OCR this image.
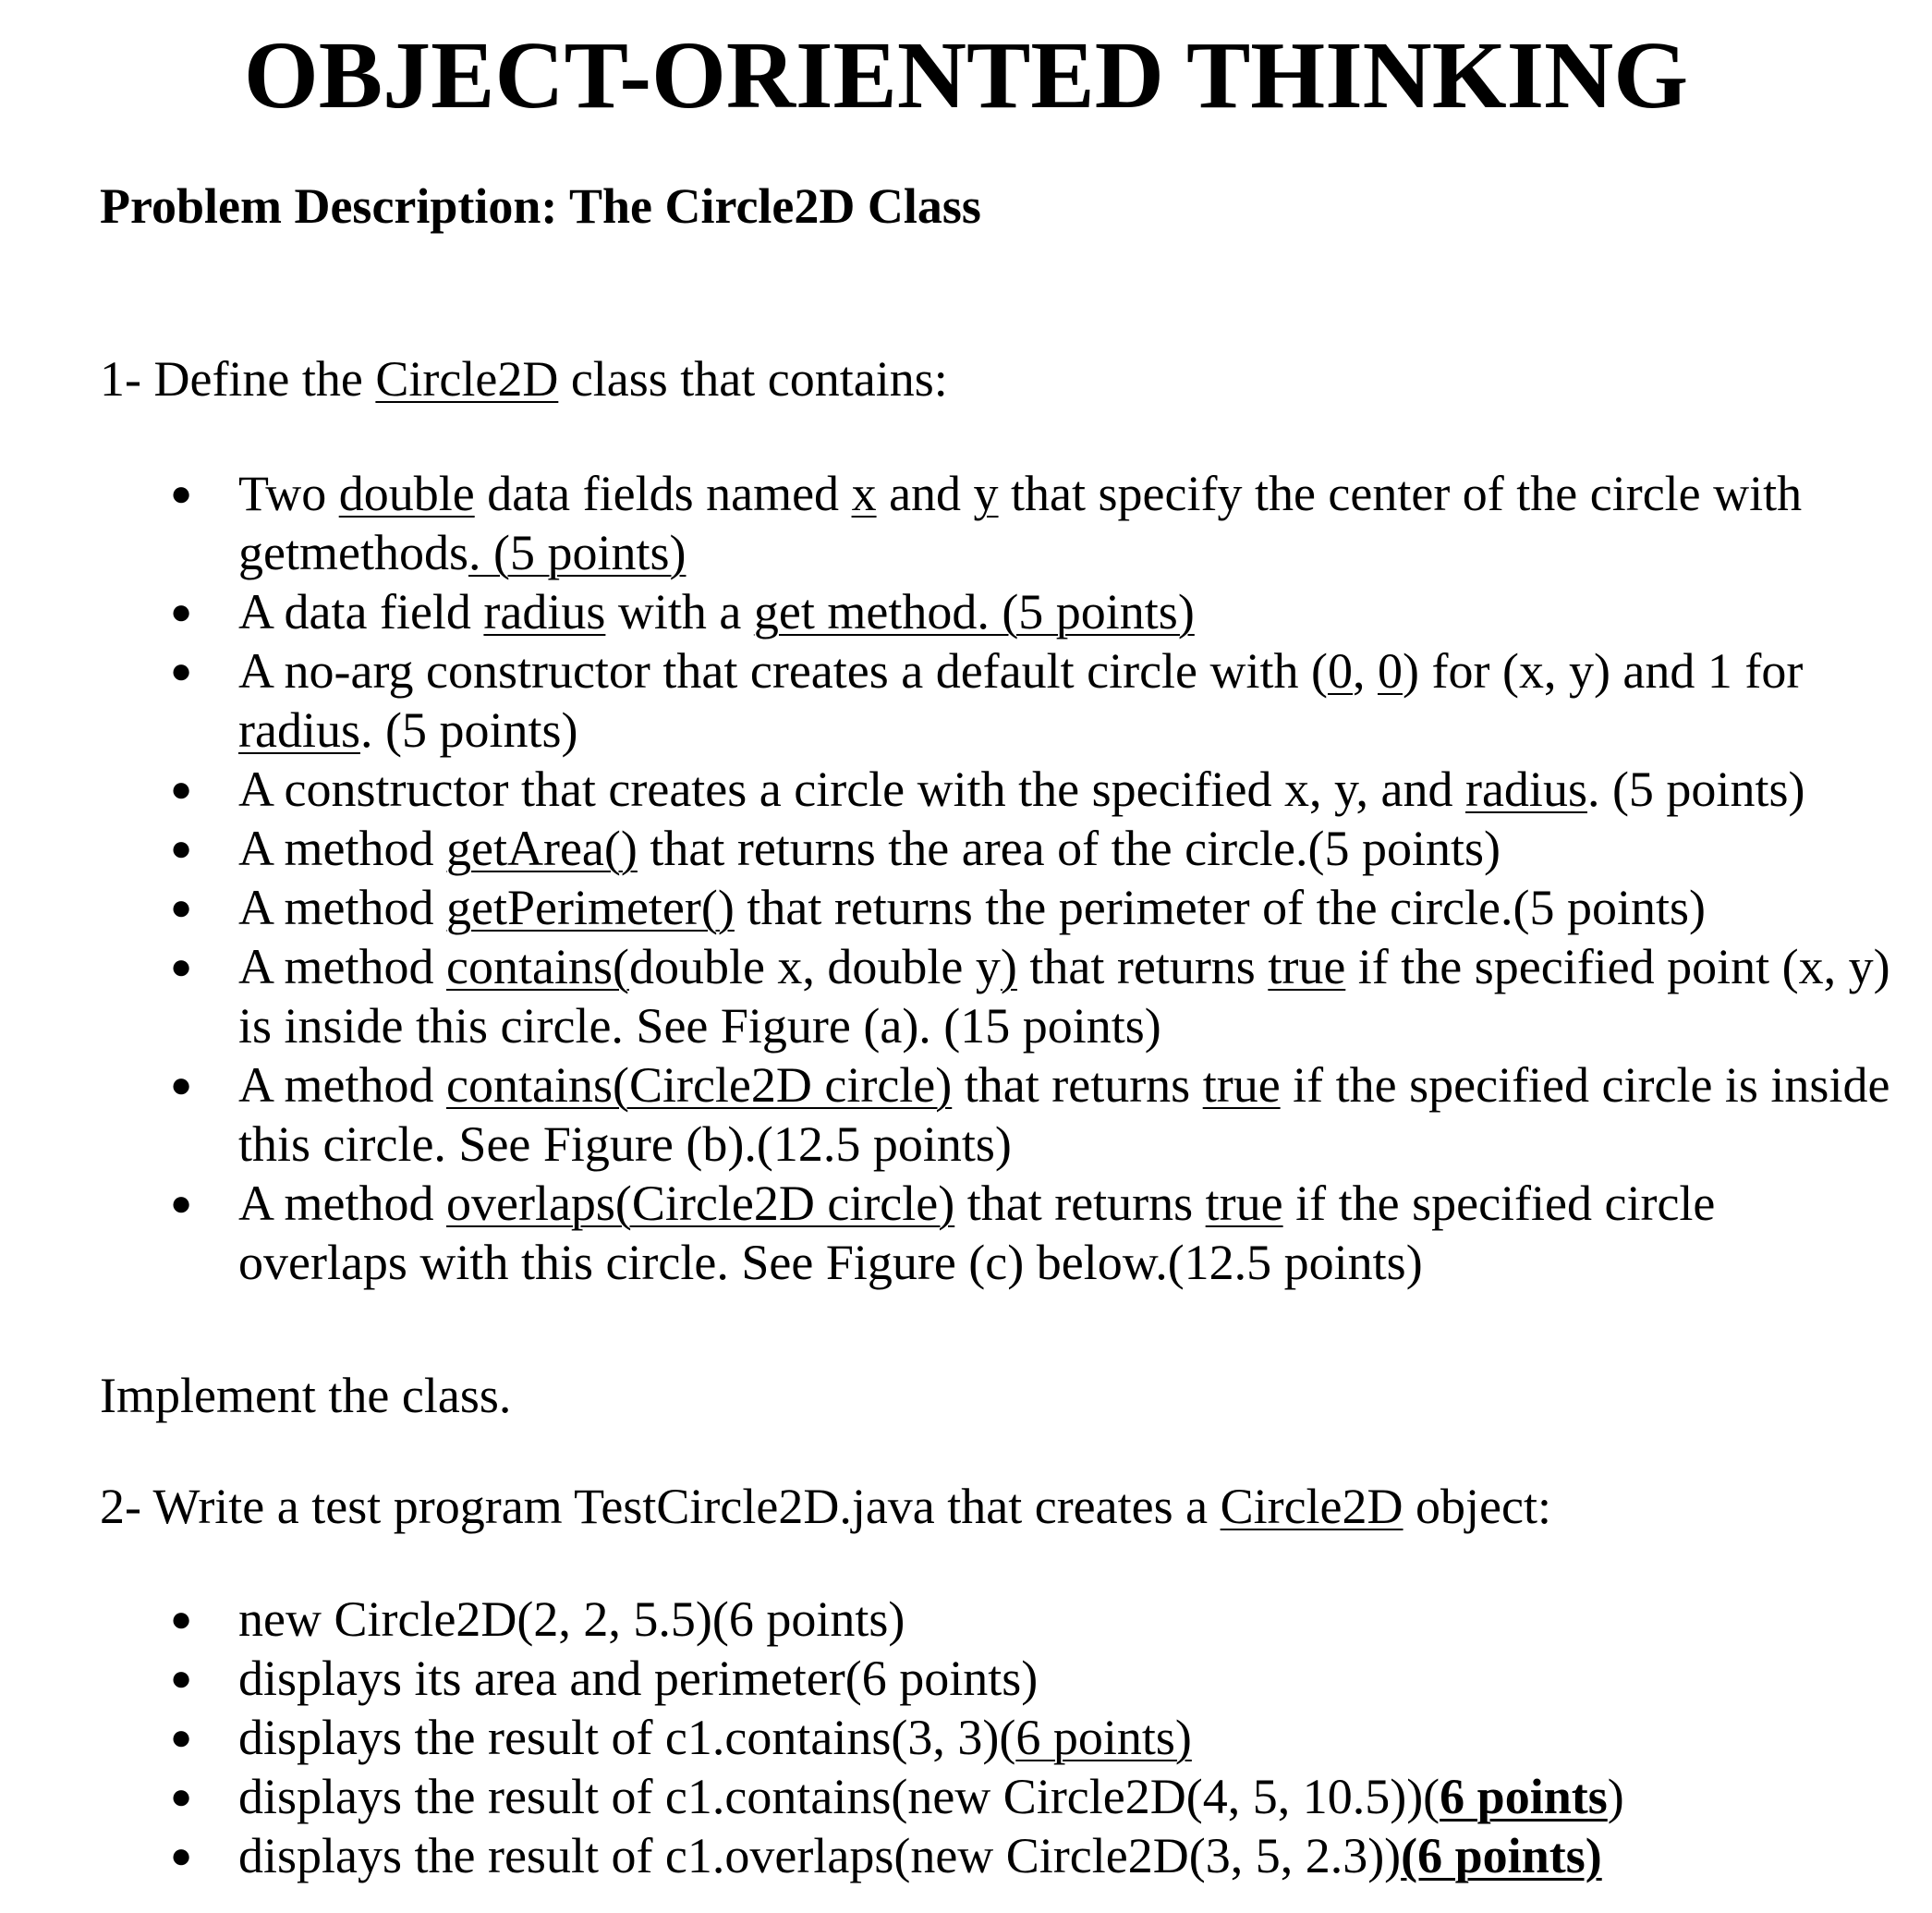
OBJECT-ORIENTED THINKING
Problem Description: The Circle2D Class
1- Define the Circle2D class that contains:
● Two double data fields named x and y that specify the center of the circle with getmethods. (5 points)
● A data field radius with a get method. (5 points)
● A no-arg constructor that creates a default circle with (0, 0) for (x, y) and 1 for radius. (5 points)
● A constructor that creates a circle with the specified x, y, and radius. (5 points)
● A method getArea() that returns the area of the circle.(5 points)
● A method getPerimeter() that returns the perimeter of the circle.(5 points)
● A method contains(double x, double y) that returns true if the specified point (x, y) is inside this circle. See Figure (a). (15 points)
● A method contains(Circle2D circle) that returns true if the specified circle is inside this circle. See Figure (b).(12.5 points)
● A method overlaps(Circle2D circle) that returns true if the specified circle overlaps with this circle. See Figure (c) below.(12.5 points)
Implement the class.
2- Write a test program TestCircle2D.java that creates a Circle2D object:
● new Circle2D(2, 2, 5.5)(6 points)
● displays its area and perimeter(6 points)
● displays the result of c1.contains(3, 3)(6 points)
● displays the result of c1.contains(new Circle2D(4, 5, 10.5))(6 points)
● displays the result of c1.overlaps(new Circle2D(3, 5, 2.3))(6 points)
